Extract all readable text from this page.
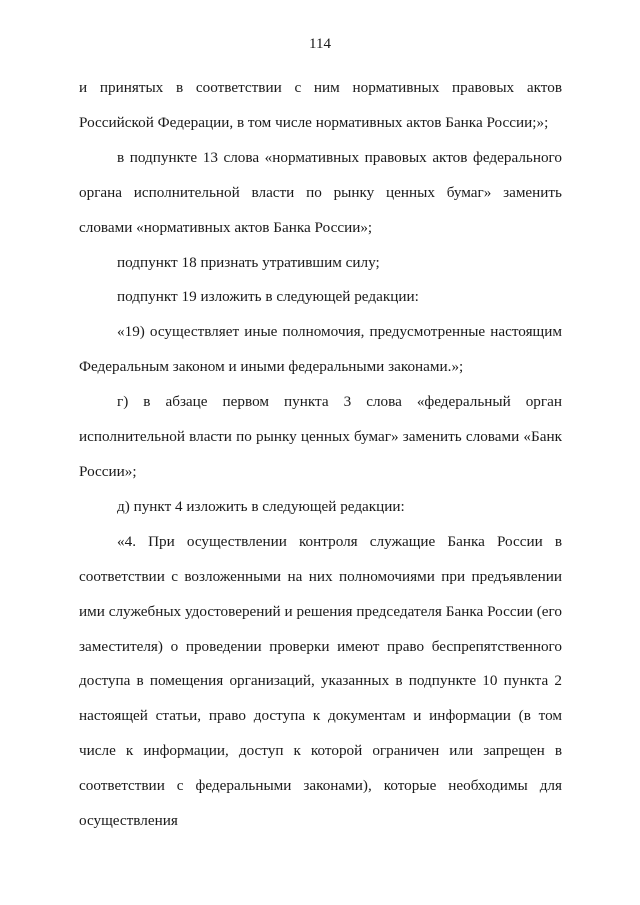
114

и принятых в соответствии с ним нормативных правовых актов Российской Федерации, в том числе нормативных актов Банка России;»;

в подпункте 13 слова «нормативных правовых актов федерального органа исполнительной власти по рынку ценных бумаг» заменить словами «нормативных актов Банка России»;

подпункт 18 признать утратившим силу;

подпункт 19 изложить в следующей редакции:

«19) осуществляет иные полномочия, предусмотренные настоящим Федеральным законом и иными федеральными законами.»;

г) в абзаце первом пункта 3 слова «федеральный орган исполнительной власти по рынку ценных бумаг» заменить словами «Банк России»;

д) пункт 4 изложить в следующей редакции:

«4. При осуществлении контроля служащие Банка России в соответствии с возложенными на них полномочиями при предъявлении ими служебных удостоверений и решения председателя Банка России (его заместителя) о проведении проверки имеют право беспрепятственного доступа в помещения организаций, указанных в подпункте 10 пункта 2 настоящей статьи, право доступа к документам и информации (в том числе к информации, доступ к которой ограничен или запрещен в соответствии с федеральными законами), которые необходимы для осуществления
